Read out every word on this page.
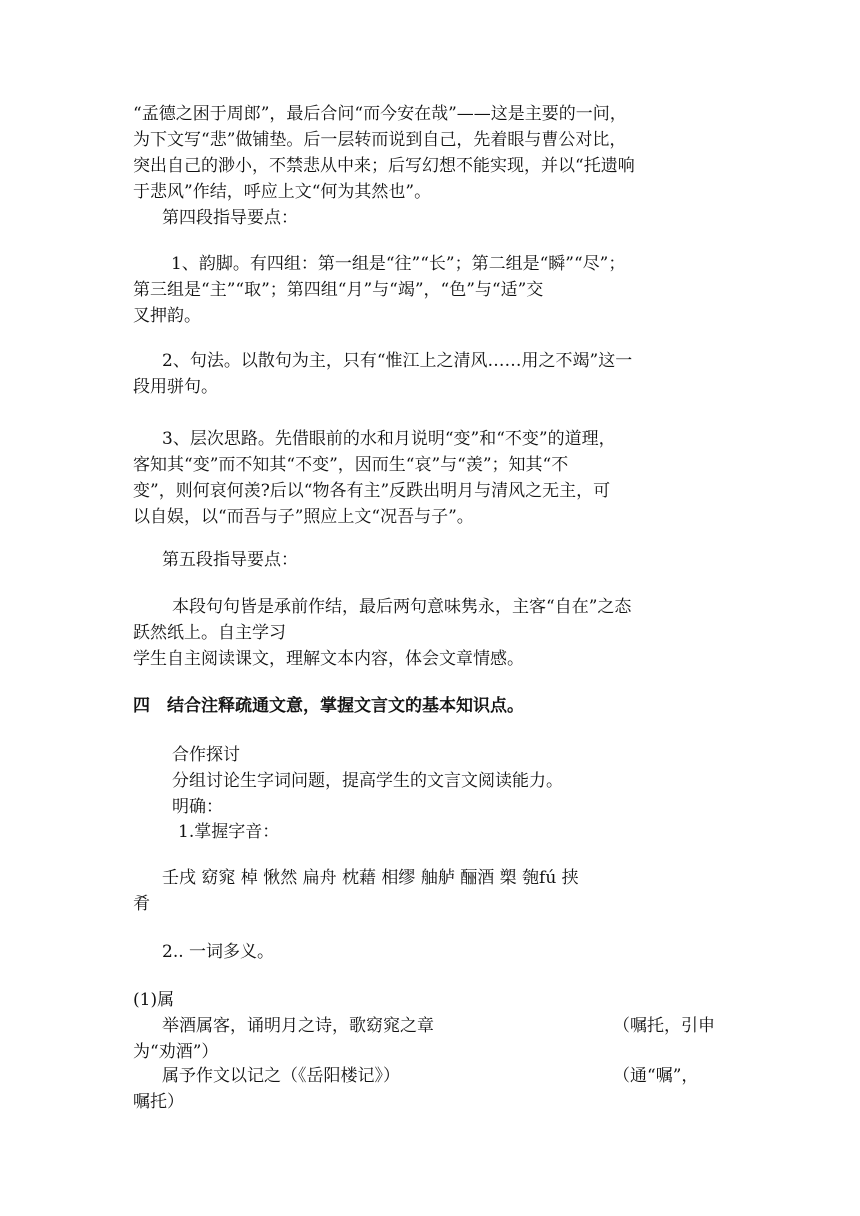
“孟德之困于周郎”，最后合问“而今安在哉”——这是主要的一问，
为下文写“悲”做铺垫。后一层转而说到自己，先着眼与曹公对比，
突出自己的渺小，不禁悲从中来；后写幻想不能实现，并以“托遗响
于悲风”作结，呼应上文“何为其然也”。
第四段指导要点：
1、韵脚。有四组：第一组是“往”“长”；第二组是“瞬”“尽”；
第三组是“主”“取”；第四组“月”与“竭”，“色”与“适”交
叉押韵。
2、句法。以散句为主，只有“惟江上之清风……用之不竭”这一
段用骈句。
3、层次思路。先借眼前的水和月说明“变”和“不变”的道理，
客知其“变”而不知其“不变”，因而生“哀”与“羡”；知其“不
变”，则何哀何羡?后以“物各有主”反跌出明月与清风之无主，可
以自娱，以“而吾与子”照应上文“况吾与子”。
第五段指导要点：
本段句句皆是承前作结，最后两句意味隽永，主客“自在”之态
跃然纸上。自主学习
学生自主阅读课文，理解文本内容，体会文章情感。
四　结合注释疏通文意，掌握文言文的基本知识点。
合作探讨
分组讨论生字词问题，提高学生的文言文阅读能力。
明确：
1.掌握字音：
壬戌 窈窕 棹 愀然 扁舟 枕藉 相缪 舳舻 酾酒 槊 匏fú 挟
肴
2.. 一词多义。
(1)属
举酒属客，诵明月之诗，歌窈窕之章	（嘱托，引申
为“劝酒”）
属予作文以记之（《岳阳楼记》）	（通“嘱”，
嘱托）
